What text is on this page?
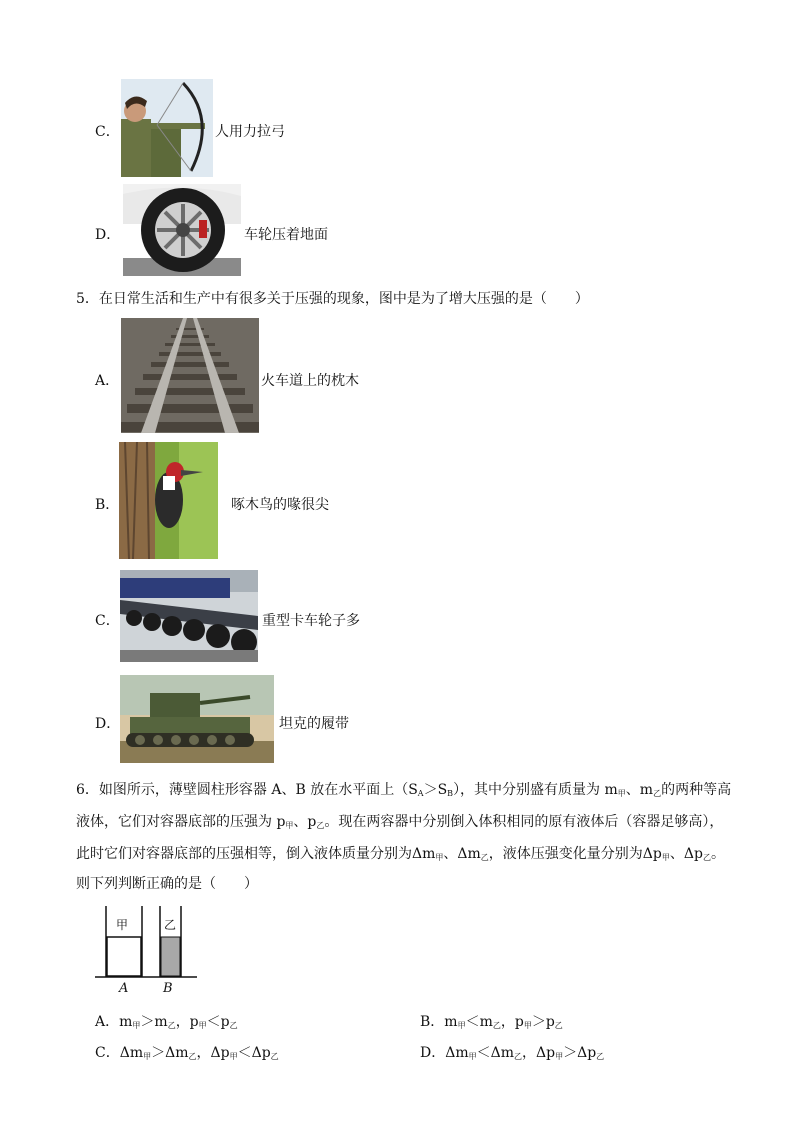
C．	人用力拉弓
D．	车轮压着地面
5．在日常生活和生产中有很多关于压强的现象，图中是为了增大压强的是（　　）
A．	火车道上的枕木
B．	啄木鸟的喙很尖
C．	重型卡车轮子多
D．	坦克的履带
6．如图所示，薄壁圆柱形容器 A、B 放在水平面上$(S_A>S_B)$，其中分别盛有质量为 $m_甲$、$m_乙$的两种等高
液体，它们对容器底部的压强为 $p_甲$、$p_乙$。现在两容器中分别倒入体积相同的原有液体后（容器足够高），
此时它们对容器底部的压强相等，倒入液体质量分别为$\Delta m_甲$、$\Delta m_乙$，液体压强变化量分别为$\Delta p_甲$、$\Delta p_乙$。
则下列判断正确的是（　　）
甲	乙
A	B
A．$m_甲>m_乙$，$p_甲<p_乙$	B．$m_甲<m_乙$，$p_甲>p_乙$
C．$\Delta m_甲>\Delta m_乙$，$\Delta p_甲<\Delta p_乙$	D．$\Delta m_甲<\Delta m_乙$，$\Delta p_甲>\Delta p_乙$
